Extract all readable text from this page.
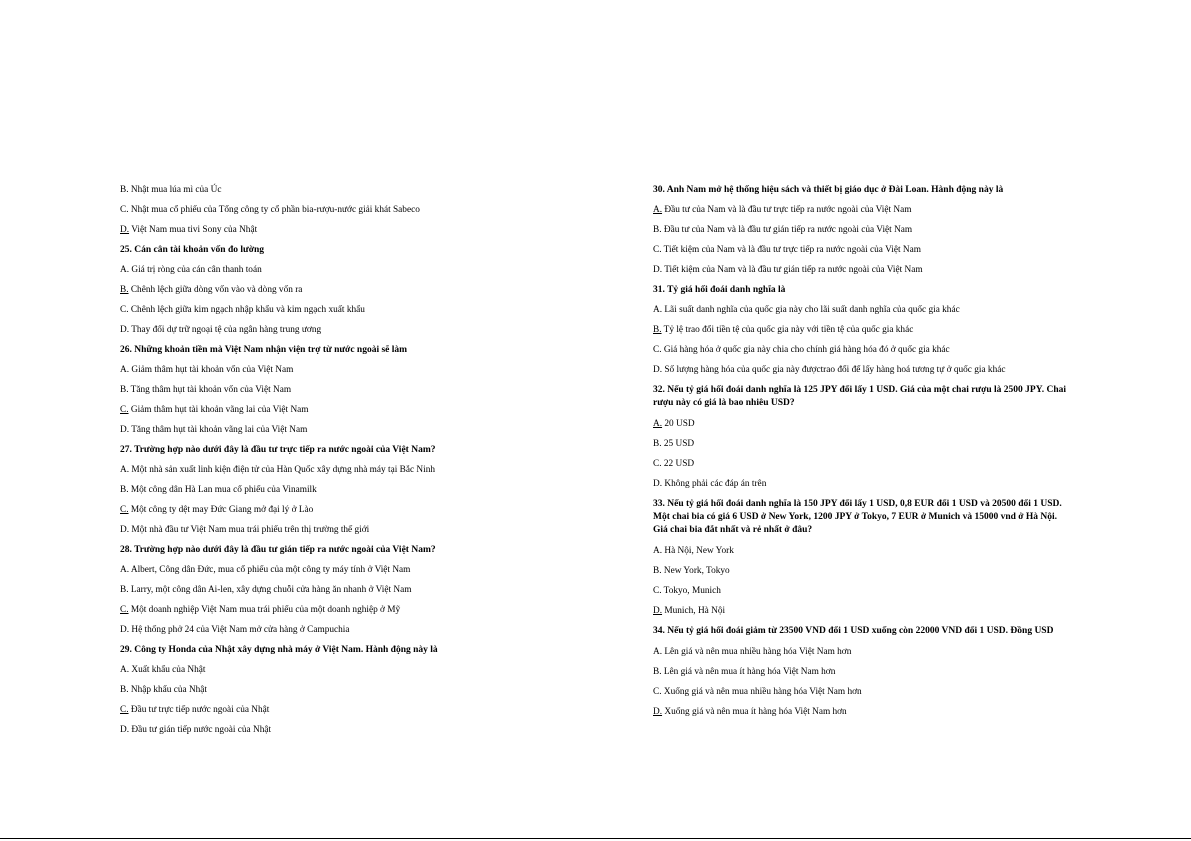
B. Nhật mua lúa mì của Úc
C. Nhật mua cổ phiếu của Tổng công ty cổ phần bia-rượu-nước giải khát Sabeco
D. Việt Nam mua tivi Sony của Nhật
25. Cán cân tài khoản vốn đo lường
A. Giá trị ròng của cán cân thanh toán
B. Chênh lệch giữa dòng vốn vào và dòng vốn ra
C. Chênh lệch giữa kim ngạch nhập khẩu và kim ngạch xuất khẩu
D. Thay đổi dự trữ ngoại tệ của ngân hàng trung ương
26. Những khoản tiền mà Việt Nam nhận viện trợ từ nước ngoài sẽ làm
A. Giảm thâm hụt tài khoản vốn của Việt Nam
B. Tăng thâm hụt tài khoản vốn của Việt Nam
C. Giảm thâm hụt tài khoản vãng lai của Việt Nam
D. Tăng thâm hụt tài khoản vãng lai của Việt Nam
27. Trường hợp nào dưới đây là đầu tư trực tiếp ra nước ngoài của Việt Nam?
A. Một nhà sản xuất linh kiện điện tử của Hàn Quốc xây dựng nhà máy tại Bắc Ninh
B. Một công dân Hà Lan mua cổ phiếu của Vinamilk
C. Một công ty dệt may Đức Giang mở đại lý ở Lào
D. Một nhà đầu tư Việt Nam mua trái phiếu trên thị trường thế giới
28. Trường hợp nào dưới đây là đầu tư gián tiếp ra nước ngoài của Việt Nam?
A. Albert, Công dân Đức, mua cổ phiếu của một công ty máy tính ở Việt Nam
B. Larry, một công dân Ai-len, xây dựng chuỗi cửa hàng ăn nhanh ở Việt Nam
C. Một doanh nghiệp Việt Nam mua trái phiếu của một doanh nghiệp ở Mỹ
D. Hệ thống phở 24 của Việt Nam mở cửa hàng ở Campuchia
29. Công ty Honda của Nhật xây dựng nhà máy ở Việt Nam. Hành động này là
A. Xuất khẩu của Nhật
B. Nhập khẩu của Nhật
C. Đầu tư trực tiếp nước ngoài của Nhật
D. Đầu tư gián tiếp nước ngoài của Nhật
30. Anh Nam mở hệ thống hiệu sách và thiết bị giáo dục ở Đài Loan. Hành động này là
A. Đầu tư của Nam và là đầu tư trực tiếp ra nước ngoài của Việt Nam
B. Đầu tư của Nam và là đầu tư gián tiếp ra nước ngoài của Việt Nam
C. Tiết kiệm của Nam và là đầu tư trực tiếp ra nước ngoài của Việt Nam
D. Tiết kiệm của Nam và là đầu tư gián tiếp ra nước ngoài của Việt Nam
31. Tỷ giá hối đoái danh nghĩa là
A. Lãi suất danh nghĩa của quốc gia này cho lãi suất danh nghĩa của quốc gia khác
B. Tỷ lệ trao đổi tiền tệ của quốc gia này với tiền tệ của quốc gia khác
C. Giá hàng hóa ở quốc gia này chia cho chính giá hàng hóa đó ở quốc gia khác
D. Số lượng hàng hóa của quốc gia này đượctrao đổi để lấy hàng hoá tương tự ở quốc gia khác
32. Nếu tỷ giá hối đoái danh nghĩa là 125 JPY đổi lấy 1 USD. Giá của một chai rượu là 2500 JPY. Chai rượu này có giá là bao nhiêu USD?
A. 20 USD
B. 25 USD
C. 22 USD
D. Không phải các đáp án trên
33. Nếu tỷ giá hối đoái danh nghĩa là 150 JPY đổi lấy 1 USD, 0,8 EUR đổi 1 USD và 20500 đổi 1 USD. Một chai bia có giá 6 USD ở New York, 1200 JPY ở Tokyo, 7 EUR ở Munich và 15000 vnd ở Hà Nội. Giá chai bia đắt nhất và rẻ nhất ở đâu?
A. Hà Nội, New York
B. New York, Tokyo
C. Tokyo, Munich
D. Munich, Hà Nội
34. Nếu tỷ giá hối đoái giảm từ 23500 VND đổi 1 USD xuống còn 22000 VND đổi 1 USD. Đồng USD
A. Lên giá và nên mua nhiều hàng hóa Việt Nam hơn
B. Lên giá và nên mua ít hàng hóa Việt Nam hơn
C. Xuống giá và nên mua nhiều hàng hóa Việt Nam hơn
D. Xuống giá và nên mua ít hàng hóa Việt Nam hơn
